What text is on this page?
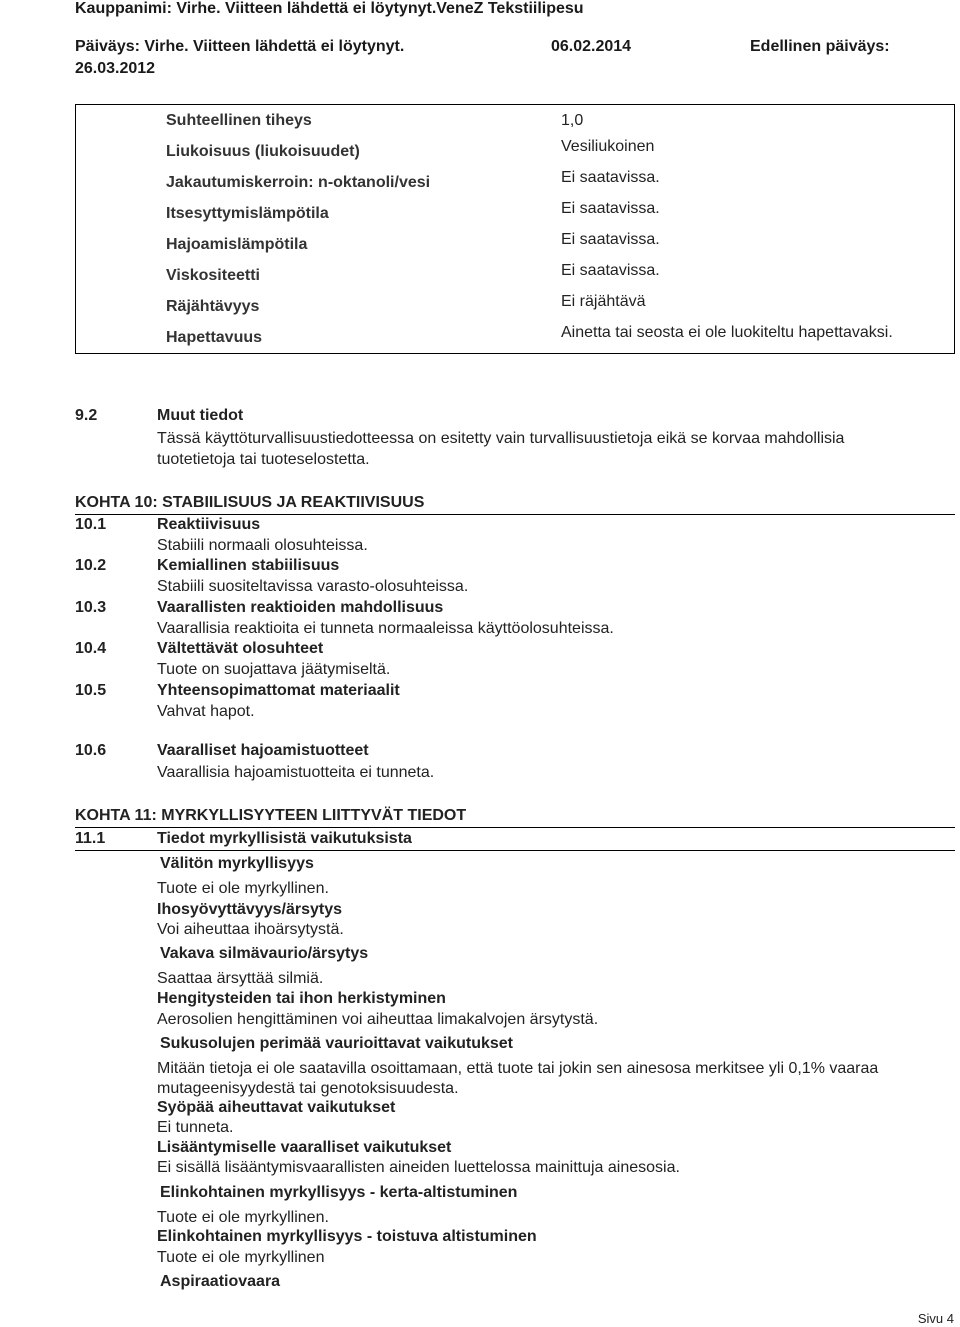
Kauppanimi: Virhe. Viitteen lähdettä ei löytynyt.VeneZ Tekstiilipesu
Päiväys: Virhe. Viitteen lähdettä ei löytynyt.	06.02.2014	Edellinen päiväys:
26.03.2012
Suhteellinen tiheys	1,0
Liukoisuus (liukoisuudet)	Vesiliukoinen
Jakautumiskerroin: n-oktanoli/vesi	Ei saatavissa.
Itsesyttymislämpötila	Ei saatavissa.
Hajoamislämpötila	Ei saatavissa.
Viskositeetti	Ei saatavissa.
Räjähtävyys	Ei räjähtävä
Hapettavuus	Ainetta tai seosta ei ole luokiteltu hapettavaksi.
9.2	Muut tiedot
Tässä käyttöturvallisuustiedotteessa on esitetty vain turvallisuustietoja eikä se korvaa mahdollisia
tuotetietoja tai tuoteselostetta.
KOHTA 10: STABIILISUUS JA REAKTIIVISUUS
10.1	Reaktiivisuus
Stabiili normaali olosuhteissa.
10.2	Kemiallinen stabiilisuus
Stabiili suositeltavissa varasto-olosuhteissa.
10.3	Vaarallisten reaktioiden mahdollisuus
Vaarallisia reaktioita ei tunneta normaaleissa käyttöolosuhteissa.
10.4	Vältettävät olosuhteet
Tuote on suojattava jäätymiseltä.
10.5	Yhteensopimattomat materiaalit
Vahvat hapot.
10.6	Vaaralliset hajoamistuotteet
Vaarallisia hajoamistuotteita ei tunneta.
KOHTA 11: MYRKYLLISYYTEEN LIITTYVÄT TIEDOT
11.1	Tiedot myrkyllisistä vaikutuksista
Välitön myrkyllisyys
Tuote ei ole myrkyllinen.
Ihosyövyttävyys/ärsytys
Voi aiheuttaa ihoärsytystä.
Vakava silmävaurio/ärsytys
Saattaa ärsyttää silmiä.
Hengitysteiden tai ihon herkistyminen
Aerosolien hengittäminen voi aiheuttaa limakalvojen ärsytystä.
Sukusolujen perimää vaurioittavat vaikutukset
Mitään tietoja ei ole saatavilla osoittamaan, että tuote tai jokin sen ainesosa merkitsee yli 0,1% vaaraa
mutageenisyydestä tai genotoksisuudesta.
Syöpää aiheuttavat vaikutukset
Ei tunneta.
Lisääntymiselle vaaralliset vaikutukset
Ei sisällä lisääntymisvaarallisten aineiden luettelossa mainittuja ainesosia.
Elinkohtainen myrkyllisyys - kerta-altistuminen
Tuote ei ole myrkyllinen.
Elinkohtainen myrkyllisyys - toistuva altistuminen
Tuote ei ole myrkyllinen
Aspiraatiovaara
Sivu 4
